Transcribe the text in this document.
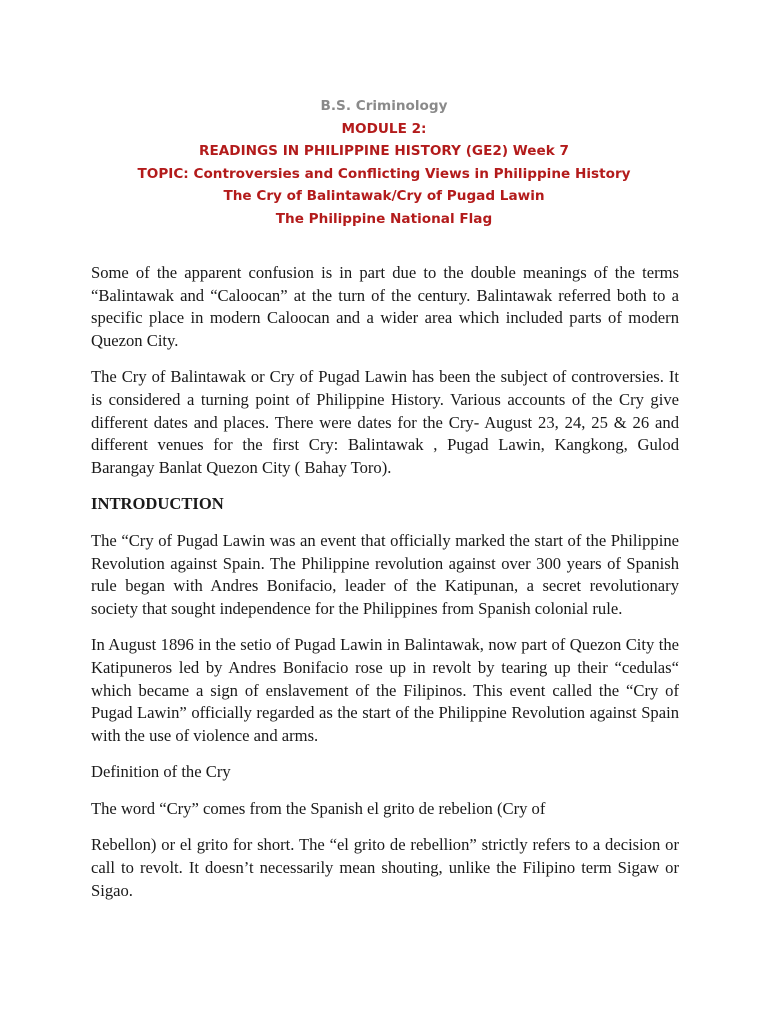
B.S. Criminology
MODULE 2:
READINGS IN PHILIPPINE HISTORY (GE2) Week 7
TOPIC: Controversies and Conflicting Views in Philippine History
The Cry of Balintawak/Cry of Pugad Lawin
The Philippine National Flag

Some of the apparent confusion is in part due to the double meanings of the terms “Balintawak and “Caloocan” at the turn of the century. Balintawak referred both to a specific place in modern Caloocan and a wider area which included parts of modern Quezon City.

The Cry of Balintawak or Cry of Pugad Lawin has been the subject of controversies. It is considered a turning point of Philippine History. Various accounts of the Cry give different dates and places. There were dates for the Cry- August 23, 24, 25 & 26 and different venues for the first Cry: Balintawak , Pugad Lawin, Kangkong, Gulod Barangay Banlat Quezon City ( Bahay Toro).

INTRODUCTION

The “Cry of Pugad Lawin was an event that officially marked the start of the Philippine Revolution against Spain. The Philippine revolution against over 300 years of Spanish rule began with Andres Bonifacio, leader of the Katipunan, a secret revolutionary society that sought independence for the Philippines from Spanish colonial rule.

In August 1896 in the setio of Pugad Lawin in Balintawak, now part of Quezon City the Katipuneros led by Andres Bonifacio rose up in revolt by tearing up their “cedulas“ which became a sign of enslavement of the Filipinos. This event called the “Cry of Pugad Lawin” officially regarded as the start of the Philippine Revolution against Spain with the use of violence and arms.

Definition of the Cry

The word “Cry” comes from the Spanish el grito de rebelion (Cry of

Rebellon) or el grito for short. The “el grito de rebellion” strictly refers to a decision or call to revolt. It doesn’t necessarily mean shouting, unlike the Filipino term Sigaw or Sigao.
